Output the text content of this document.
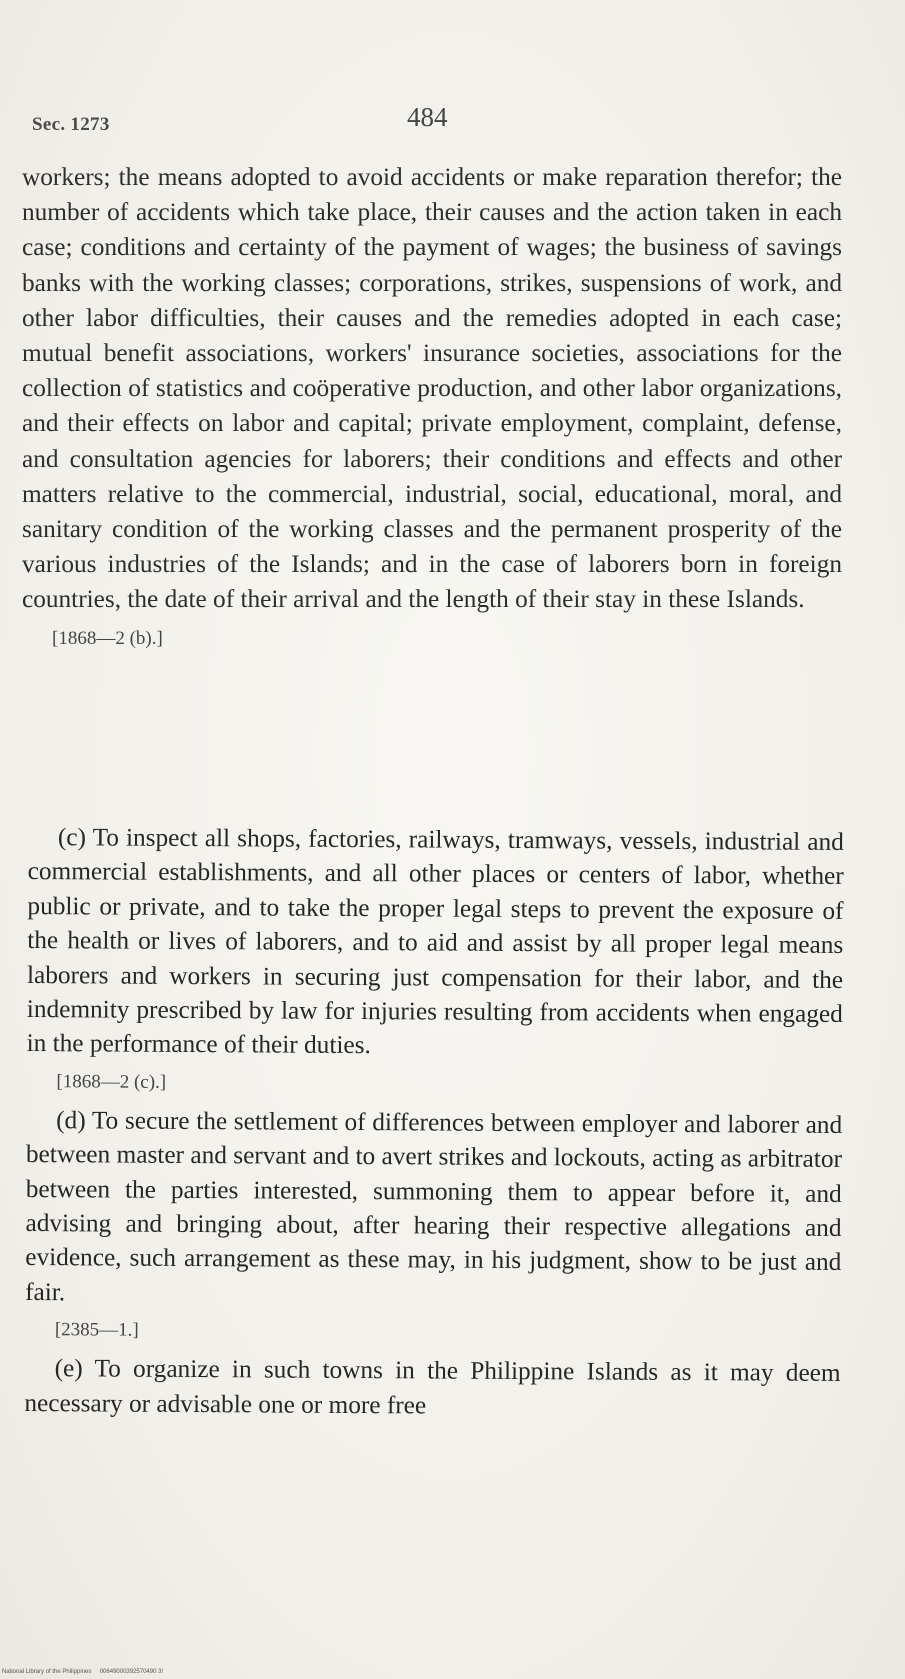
Sec. 1273	484

workers; the means adopted to avoid accidents or make reparation therefor; the number of accidents which take place, their causes and the action taken in each case; conditions and certainty of the payment of wages; the business of savings banks with the working classes; corporations, strikes, suspensions of work, and other labor difficulties, their causes and the remedies adopted in each case; mutual benefit associations, workers' insurance societies, associations for the collection of statistics and coöperative production, and other labor organizations, and their effects on labor and capital; private employment, complaint, defense, and consultation agencies for laborers; their conditions and effects and other matters relative to the commercial, industrial, social, educational, moral, and sanitary condition of the working classes and the permanent prosperity of the various industries of the Islands; and in the case of laborers born in foreign countries, the date of their arrival and the length of their stay in these Islands.

[1868—2 (b).]

(c) To inspect all shops, factories, railways, tramways, vessels, industrial and commercial establishments, and all other places or centers of labor, whether public or private, and to take the proper legal steps to prevent the exposure of the health or lives of laborers, and to aid and assist by all proper legal means laborers and workers in securing just compensation for their labor, and the indemnity prescribed by law for injuries resulting from accidents when engaged in the performance of their duties.

[1868—2 (c).]

(d) To secure the settlement of differences between employer and laborer and between master and servant and to avert strikes and lockouts, acting as arbitrator between the parties interested, summoning them to appear before it, and advising and bringing about, after hearing their respective allegations and evidence, such arrangement as these may, in his judgment, show to be just and fair.

[2385—1.]

(e) To organize in such towns in the Philippine Islands as it may deem necessary or advisable one or more free

National Library of the Philippines     00649000392570490 3!
